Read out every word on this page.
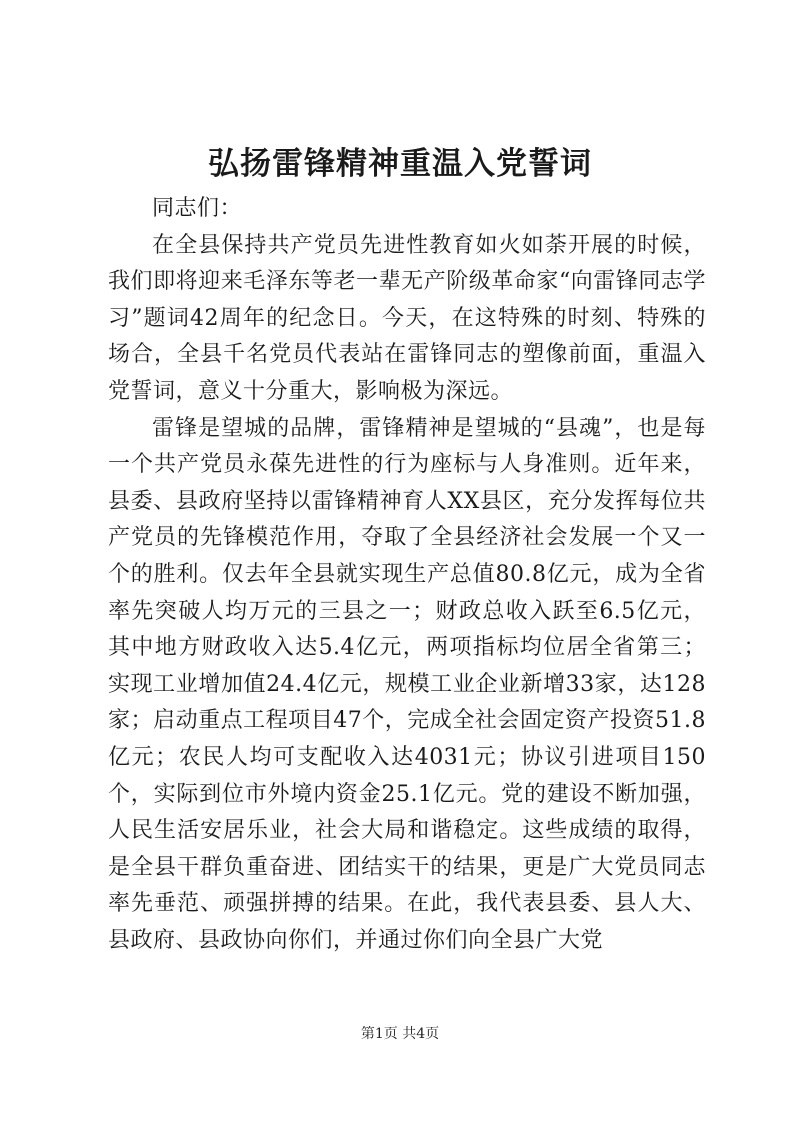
弘扬雷锋精神重温入党誓词

同志们：

在全县保持共产党员先进性教育如火如荼开展的时候，我们即将迎来毛泽东等老一辈无产阶级革命家“向雷锋同志学习”题词42周年的纪念日。今天，在这特殊的时刻、特殊的场合，全县千名党员代表站在雷锋同志的塑像前面，重温入党誓词，意义十分重大，影响极为深远。

雷锋是望城的品牌，雷锋精神是望城的“县魂”，也是每一个共产党员永葆先进性的行为座标与人身准则。近年来，县委、县政府坚持以雷锋精神育人XX县区，充分发挥每位共产党员的先锋模范作用，夺取了全县经济社会发展一个又一个的胜利。仅去年全县就实现生产总值80.8亿元，成为全省率先突破人均万元的三县之一；财政总收入跃至6.5亿元，其中地方财政收入达5.4亿元，两项指标均位居全省第三；实现工业增加值24.4亿元，规模工业企业新增33家，达128家；启动重点工程项目47个，完成全社会固定资产投资51.8亿元；农民人均可支配收入达4031元；协议引进项目150个，实际到位市外境内资金25.1亿元。党的建设不断加强，人民生活安居乐业，社会大局和谐稳定。这些成绩的取得，是全县干群负重奋进、团结实干的结果，更是广大党员同志率先垂范、顽强拼搏的结果。在此，我代表县委、县人大、县政府、县政协向你们，并通过你们向全县广大党

第1页 共4页
